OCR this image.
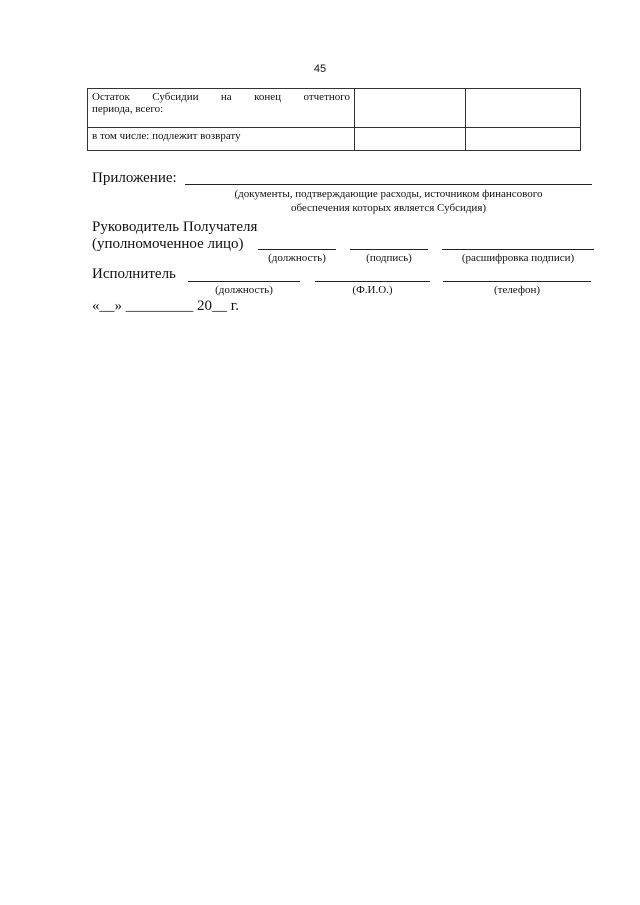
45
Остаток Субсидии на конец отчетного
периода, всего:		
в том числе: подлежит возврату		
Приложение:
(документы, подтверждающие расходы, источником финансового
обеспечения которых является Субсидия)
Руководитель Получателя
(уполномоченное лицо)
(должность)	(подпись)	(расшифровка подписи)
Исполнитель
(должность)	(Ф.И.О.)	(телефон)
«__» _________ 20__ г.
